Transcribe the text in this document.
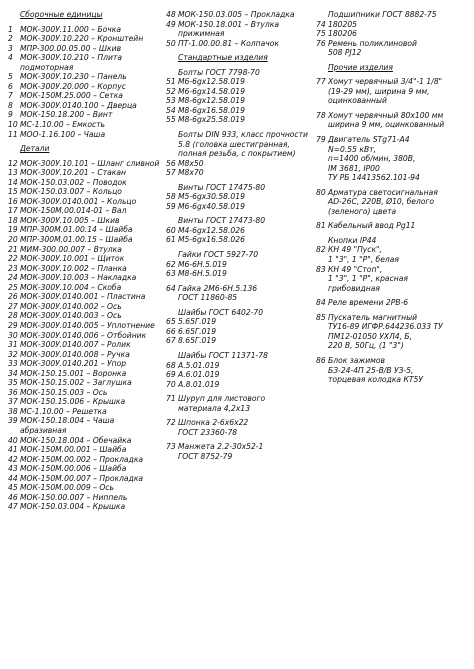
Сборочные единицы
1 МОК-300У.11.000 – Бочка
2 МОК-300У.10.220 – Кронштейн
3 МПР-300.00.05.00 – Шкив
4 МОК-300У.10.210 – Плита
подмоторная
5 МОК-300У.10.230 – Панель
6 МОК-300У.20.000 – Корпус
7 МОК-150М.25.000 – Сетка
8 МОК-300У.0140.100 – Дверца
9 МОК-150.18.200 – Винт
10 МС-1.10.00 – Емкость
11 МОО-1.16.100 – Чаша
Детали
12 МОК-300У.10.101 – Шланг сливной
13 МОК-300У.10.201 – Стакан
14 МОК-150.03.002 – Поводок
15 МОК-150.03.007 – Кольцо
16 МОК-300У.0140.001 – Кольцо
17 МОК-150М.00.014-01 – Вал
18 МОК-300У.10.005 – Шкив
19 МПР-300М.01.00.14 – Шайба
20 МПР-300М.01.00.15 – Шайба
21 МИМ-300.00.007 – Втулка
22 МОК-300У.10.001 – Щиток
23 МОК-300У.10.002 – Планка
24 МОК-300У.10.003 – Накладка
25 МОК-300У.10.004 – Скоба
26 МОК-300У.0140.001 – Пластина
27 МОК-300У.0140.002 – Ось
28 МОК-300У.0140.003 – Ось
29 МОК-300У.0140.005 – Уплотнение
30 МОК-300У.0140.006 – Отбойник
31 МОК-300У.0140.007 – Ролик
32 МОК-300У.0140.008 – Ручка
33 МОК-300У.0140.201 – Упор
34 МОК-150.15.001 – Воронка
35 МОК-150.15.002 – Заглушка
36 МОК-150.15.003 – Ось
37 МОК-150.15.006 – Крышка
38 МС-1.10.00 – Решетка
39 МОК-150.18.004 – Чаша
абразивная
40 МОК-150.18.004 – Обечайка
41 МОК-150М.00.001 – Шайба
42 МОК-150М.00.002 – Прокладка
43 МОК-150М.00.006 – Шайба
44 МОК-150М.00.007 – Прокладка
45 МОК-150М.00.009 – Ось
46 МОК-150.00.007 – Ниппель
47 МОК-150.03.004 – Крышка
48 МОК-150.03.005 – Прокладка
49 МОК-150.18.001 – Втулка
прижимная
50 ПТ-1.00.00.81 – Колпачок
Стандартные изделия
Болты ГОСТ 7798-70
51 М6-6gх12.58.019
52 М6-6gх14.58.019
53 М8-6gх12.58.019
54 М8-6gх16.58.019
55 М8-6gх25.58.019
Болты DIN 933, класс прочности
5.8 (головка шестигранная,
полная резьба, с покрытием)
56 М8х50
57 М8х70
Винты ГОСТ 17475-80
58 М5-6gх30.58.019
59 М6-6gх40.58.019
Винты ГОСТ 17473-80
60 М4-6gх12.58.026
61 М5-6gх16.58.026
Гайки ГОСТ 5927-70
62 М6-6Н.5.019
63 М8-6Н.5.019
64 Гайка 2М6-6Н.5.136
ГОСТ 11860-85
Шайбы ГОСТ 6402-70
65 5.65Г.019
66 6.65Г.019
67 8.65Г.019
Шайбы ГОСТ 11371-78
68 А.5.01.019
69 А.6.01.019
70 А.8.01.019
71 Шуруп для листового
материала 4,2х13
72 Шпонка 2-6х6х22
ГОСТ 23360-78
73 Манжета 2.2-30х52-1
ГОСТ 8752-79
Подшипники ГОСТ 8882-75
74 180205
75 180206
76 Ремень поликлиновой
508 PJ12
Прочие изделия
77 Хомут червячный 3/4"-1 1/8"
(19-29 мм), ширина 9 мм,
оцинкованный
78 Хомут червячный 80х100 мм
ширина 9 мм, оцинкованный
79 Двигатель STg71-А4
N=0.55 кВт,
n=1400 об/мин, 380В,
IM 3681, IP00
ТУ РБ 14413562.101-94
80 Арматура светосигнальная
АD-26С, 220В, Ø10, белого
(зеленого) цвета
81 Кабельный ввод Pg11
Кнопки IP44
82 КН 49 "Пуск",
1 "3", 1 "Р", белая
83 КН 49 "Стоп",
1 "3", 1 "Р", красная
грибовидная
84 Реле времени 2РВ-6
85 Пускатель магнитный
ТУ16-89 ИГФР.644236.033 ТУ
ПМ12-01050 УХЛ4, Б,
220 В, 50Гц, (1 "3")
86 Блок зажимов
БЗ-24-4П 25-В/В УЗ-5,
торцевая колодка КТ5У
